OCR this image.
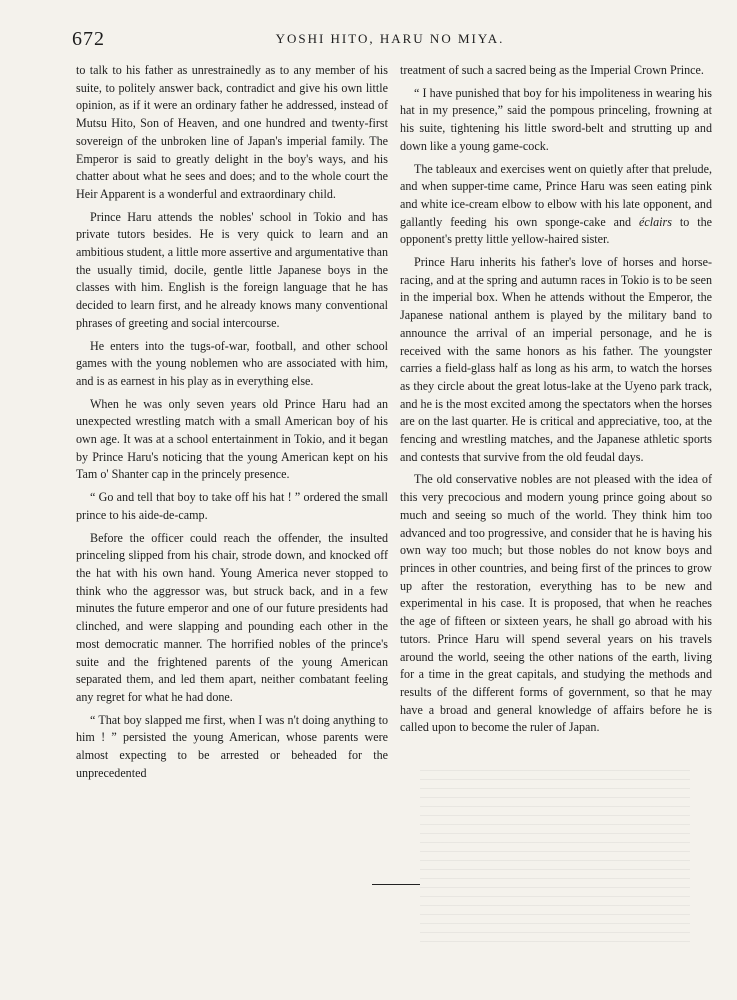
672	YOSHI HITO, HARU NO MIYA.

to talk to his father as unrestrainedly as to any member of his suite, to politely answer back, contradict and give his own little opinion, as if it were an ordinary father he addressed, instead of Mutsu Hito, Son of Heaven, and one hundred and twenty-first sovereign of the unbroken line of Japan's imperial family. The Emperor is said to greatly delight in the boy's ways, and his chatter about what he sees and does; and to the whole court the Heir Apparent is a wonderful and extraordinary child.

Prince Haru attends the nobles' school in Tokio and has private tutors besides. He is very quick to learn and an ambitious student, a little more assertive and argumentative than the usually timid, docile, gentle little Japanese boys in the classes with him. English is the foreign language that he has decided to learn first, and he already knows many conventional phrases of greeting and social intercourse.

He enters into the tugs-of-war, football, and other school games with the young noblemen who are associated with him, and is as earnest in his play as in everything else.

When he was only seven years old Prince Haru had an unexpected wrestling match with a small American boy of his own age. It was at a school entertainment in Tokio, and it began by Prince Haru's noticing that the young American kept on his Tam o' Shanter cap in the princely presence.

“ Go and tell that boy to take off his hat ! ” ordered the small prince to his aide-de-camp.

Before the officer could reach the offender, the insulted princeling slipped from his chair, strode down, and knocked off the hat with his own hand. Young America never stopped to think who the aggressor was, but struck back, and in a few minutes the future emperor and one of our future presidents had clinched, and were slapping and pounding each other in the most democratic manner. The horrified nobles of the prince's suite and the frightened parents of the young American separated them, and led them apart, neither combatant feeling any regret for what he had done.

“ That boy slapped me first, when I was n't doing anything to him ! ” persisted the young American, whose parents were almost expecting to be arrested or beheaded for the unprecedented

treatment of such a sacred being as the Imperial Crown Prince.

“ I have punished that boy for his impoliteness in wearing his hat in my presence,” said the pompous princeling, frowning at his suite, tightening his little sword-belt and strutting up and down like a young game-cock.

The tableaux and exercises went on quietly after that prelude, and when supper-time came, Prince Haru was seen eating pink and white ice-cream elbow to elbow with his late opponent, and gallantly feeding his own sponge-cake and éclairs to the opponent's pretty little yellow-haired sister.

Prince Haru inherits his father's love of horses and horse-racing, and at the spring and autumn races in Tokio is to be seen in the imperial box. When he attends without the Emperor, the Japanese national anthem is played by the military band to announce the arrival of an imperial personage, and he is received with the same honors as his father. The youngster carries a field-glass half as long as his arm, to watch the horses as they circle about the great lotus-lake at the Uyeno park track, and he is the most excited among the spectators when the horses are on the last quarter. He is critical and appreciative, too, at the fencing and wrestling matches, and the Japanese athletic sports and contests that survive from the old feudal days.

The old conservative nobles are not pleased with the idea of this very precocious and modern young prince going about so much and seeing so much of the world. They think him too advanced and too progressive, and consider that he is having his own way too much; but those nobles do not know boys and princes in other countries, and being first of the princes to grow up after the restoration, everything has to be new and experimental in his case. It is proposed, that when he reaches the age of fifteen or sixteen years, he shall go abroad with his tutors. Prince Haru will spend several years on his travels around the world, seeing the other nations of the earth, living for a time in the great capitals, and studying the methods and results of the different forms of government, so that he may have a broad and general knowledge of affairs before he is called upon to become the ruler of Japan.
